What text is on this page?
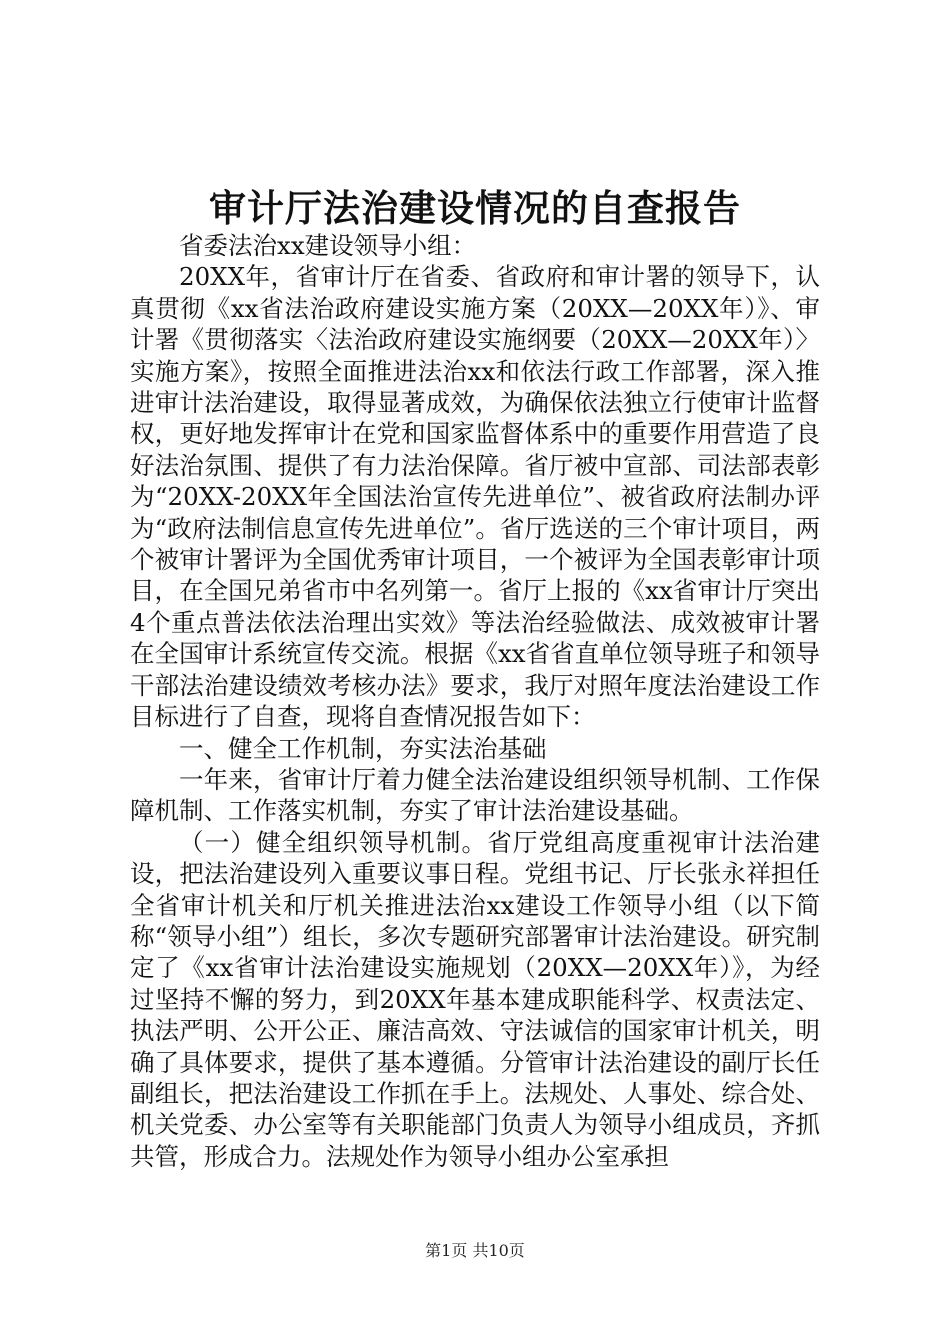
审计厅法治建设情况的自查报告

省委法治xx建设领导小组：

20XX年，省审计厅在省委、省政府和审计署的领导下，认真贯彻《xx省法治政府建设实施方案（20XX—20XX年）》、审计署《贯彻落实〈法治政府建设实施纲要（20XX—20XX年）〉实施方案》，按照全面推进法治xx和依法行政工作部署，深入推进审计法治建设，取得显著成效，为确保依法独立行使审计监督权，更好地发挥审计在党和国家监督体系中的重要作用营造了良好法治氛围、提供了有力法治保障。省厅被中宣部、司法部表彰为“20XX-20XX年全国法治宣传先进单位”、被省政府法制办评为“政府法制信息宣传先进单位”。省厅选送的三个审计项目，两个被审计署评为全国优秀审计项目，一个被评为全国表彰审计项目，在全国兄弟省市中名列第一。省厅上报的《xx省审计厅突出4个重点普法依法治理出实效》等法治经验做法、成效被审计署在全国审计系统宣传交流。根据《xx省省直单位领导班子和领导干部法治建设绩效考核办法》要求，我厅对照年度法治建设工作目标进行了自查，现将自查情况报告如下：

一、健全工作机制，夯实法治基础

一年来，省审计厅着力健全法治建设组织领导机制、工作保障机制、工作落实机制，夯实了审计法治建设基础。

（一）健全组织领导机制。省厅党组高度重视审计法治建设，把法治建设列入重要议事日程。党组书记、厅长张永祥担任全省审计机关和厅机关推进法治xx建设工作领导小组（以下简称“领导小组”）组长，多次专题研究部署审计法治建设。研究制定了《xx省审计法治建设实施规划（20XX—20XX年）》，为经过坚持不懈的努力，到20XX年基本建成职能科学、权责法定、执法严明、公开公正、廉洁高效、守法诚信的国家审计机关，明确了具体要求，提供了基本遵循。分管审计法治建设的副厅长任副组长，把法治建设工作抓在手上。法规处、人事处、综合处、机关党委、办公室等有关职能部门负责人为领导小组成员，齐抓共管，形成合力。法规处作为领导小组办公室承担

第1页 共10页
